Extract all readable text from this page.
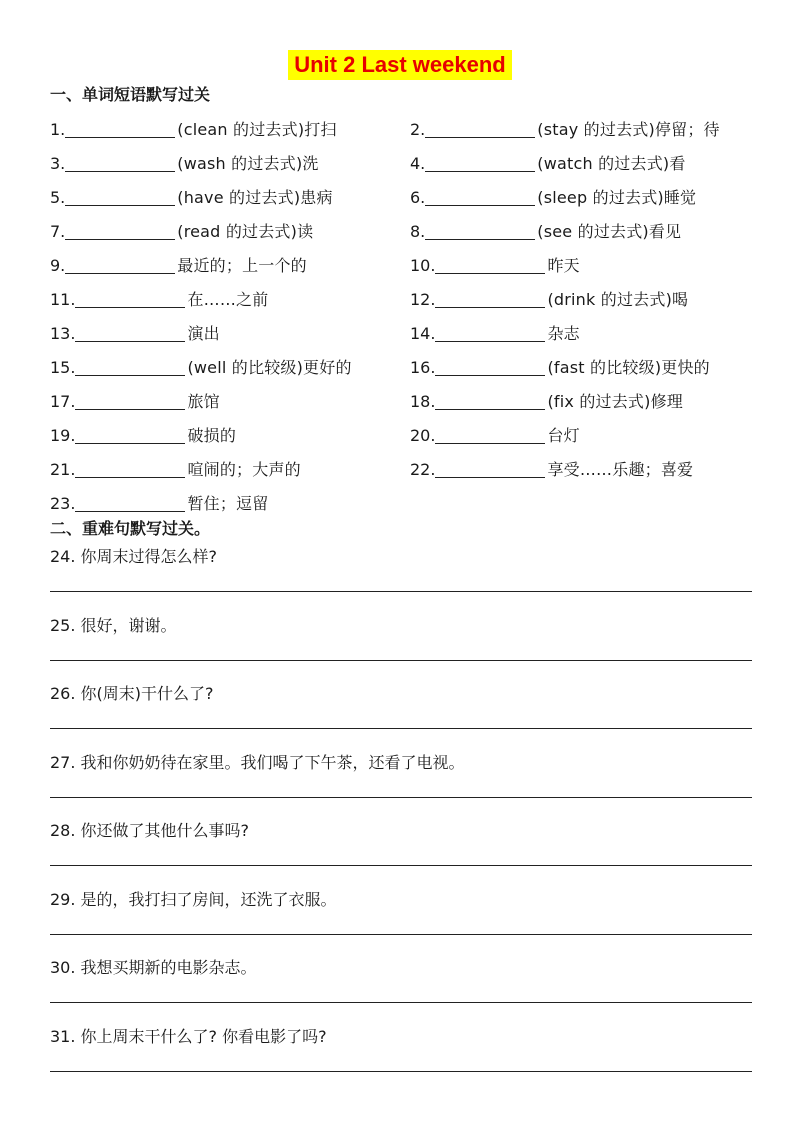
Unit 2 Last weekend
一、单词短语默写过关
1.	(clean 的过去式)打扫	2.	(stay 的过去式)停留；待
3.	(wash 的过去式)洗	4.	(watch 的过去式)看
5.	(have 的过去式)患病	6.	(sleep 的过去式)睡觉
7.	(read 的过去式)读	8.	(see 的过去式)看见
9.	最近的；上一个的	10.	昨天
11.	在……之前	12.	(drink 的过去式)喝
13.	演出	14.	杂志
15.	(well 的比较级)更好的	16.	(fast 的比较级)更快的
17.	旅馆	18.	(fix 的过去式)修理
19.	破损的	20.	台灯
21.	喧闹的；大声的	22.	享受……乐趣；喜爱
23.	暂住；逗留
二、重难句默写过关。
24. 你周末过得怎么样?
25. 很好，谢谢。
26. 你(周末)干什么了?
27. 我和你奶奶待在家里。我们喝了下午茶，还看了电视。
28. 你还做了其他什么事吗?
29. 是的，我打扫了房间，还洗了衣服。
30. 我想买期新的电影杂志。
31. 你上周末干什么了? 你看电影了吗?
